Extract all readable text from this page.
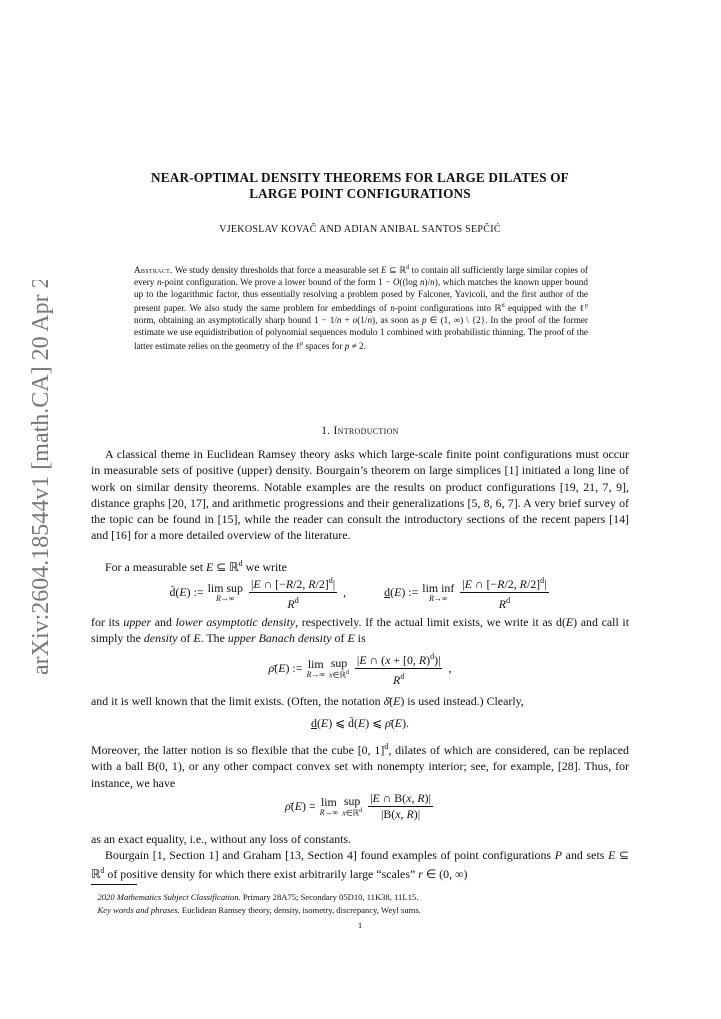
arXiv:2604.18544v1 [math.CA] 20 Apr 2026
NEAR-OPTIMAL DENSITY THEOREMS FOR LARGE DILATES OF
LARGE POINT CONFIGURATIONS
VJEKOSLAV KOVAČ AND ADIAN ANIBAL SANTOS SEPČIĆ
Abstract. We study density thresholds that force a measurable set E ⊆ ℝ$^d$ to contain all sufficiently large similar copies of every n-point configuration. We prove a lower bound of the form 1 − O((log n)/n), which matches the known upper bound up to the logarithmic factor, thus essentially resolving a problem posed by Falconer, Yavicoli, and the first author of the present paper. We also study the same problem for embeddings of n-point configurations into ℝ$^d$ equipped with the ℓ$^p$ norm, obtaining an asymptotically sharp bound 1 − 1/n + o(1/n), as soon as p ∈ (1, ∞) \ {2}. In the proof of the former estimate we use equidistribution of polynomial sequences modulo 1 combined with probabilistic thinning. The proof of the latter estimate relies on the geometry of the ℓ$^p$ spaces for p ≠ 2.
1. Introduction

A classical theme in Euclidean Ramsey theory asks which large-scale finite point configurations must occur in measurable sets of positive (upper) density. Bourgain’s theorem on large simplices [1] initiated a long line of work on similar density theorems. Notable examples are the results on product configurations [19, 21, 7, 9], distance graphs [20, 17], and arithmetic progressions and their generalizations [5, 8, 6, 7]. A very brief survey of the topic can be found in [15], while the reader can consult the introductory sections of the recent papers [14] and [16] for a more detailed overview of the literature.

For a measurable set E ⊆ ℝ$^d$ we write

d̄(E) := lim sup
$R\to\infty \frac{|E \cap [-R/2, R/2]^d|}{R^d}$ ,	d(E) := lim inf
$R\to\infty \frac{|E \cap [-R/2, R/2]^d|}{R^d}$

for its upper and lower asymptotic density, respectively. If the actual limit exists, we write it as d(E) and call it simply the density of E. The upper Banach density of E is

ρ̄(E) := lim
R→∞
sup
x∈ℝ$^d$ $\frac{|E \cap (x + [0, R)^d)|}{R^d}$ ,

and it is well known that the limit exists. (Often, the notation δ̄(E) is used instead.) Clearly,

d(E) ⩽ d̄(E) ⩽ ρ̄(E).

Moreover, the latter notion is so flexible that the cube [0, 1]$^d$, dilates of which are considered, can be replaced with a ball B(0, 1), or any other compact convex set with nonempty interior; see, for example, [28]. Thus, for instance, we have

ρ̄(E) = lim
R→∞
sup
x∈ℝ$^d$ $\frac{|E \cap B(x, R)|}{|B(x, R)|}$

as an exact equality, i.e., without any loss of constants.

Bourgain [1, Section 1] and Graham [13, Section 4] found examples of point configurations P and sets E ⊆ ℝ$^d$ of positive density for which there exist arbitrarily large “scales” r ∈ (0, ∞)

2020 Mathematics Subject Classification. Primary 28A75; Secondary 05D10, 11K38, 11L15.
Key words and phrases. Euclidean Ramsey theory, density, isometry, discrepancy, Weyl sums.
1
